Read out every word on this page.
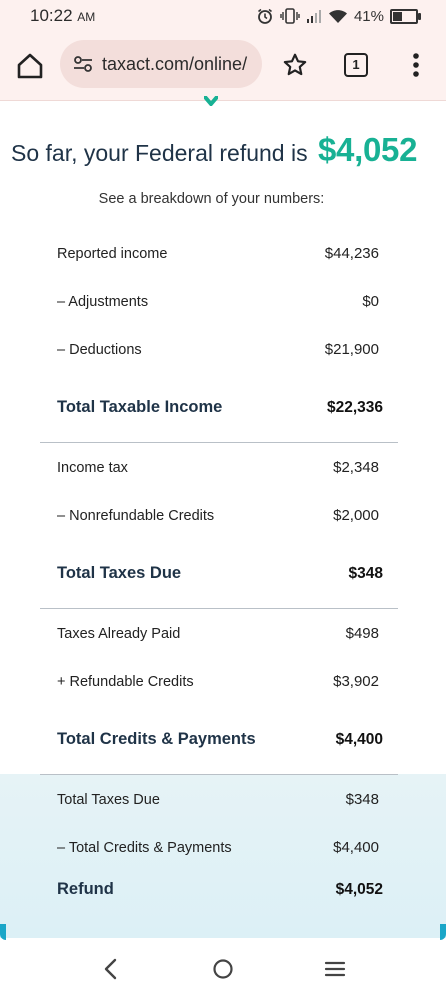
10:22 AM	41%
taxact.com/online/	1
So far, your Federal refund is $4,052
See a breakdown of your numbers:
Reported income	$44,236
– Adjustments	$0
– Deductions	$21,900
Total Taxable Income	$22,336
Income tax	$2,348
– Nonrefundable Credits	$2,000
Total Taxes Due	$348
Taxes Already Paid	$498
+ Refundable Credits	$3,902
Total Credits & Payments	$4,400
Total Taxes Due	$348
– Total Credits & Payments	$4,400
Refund	$4,052
